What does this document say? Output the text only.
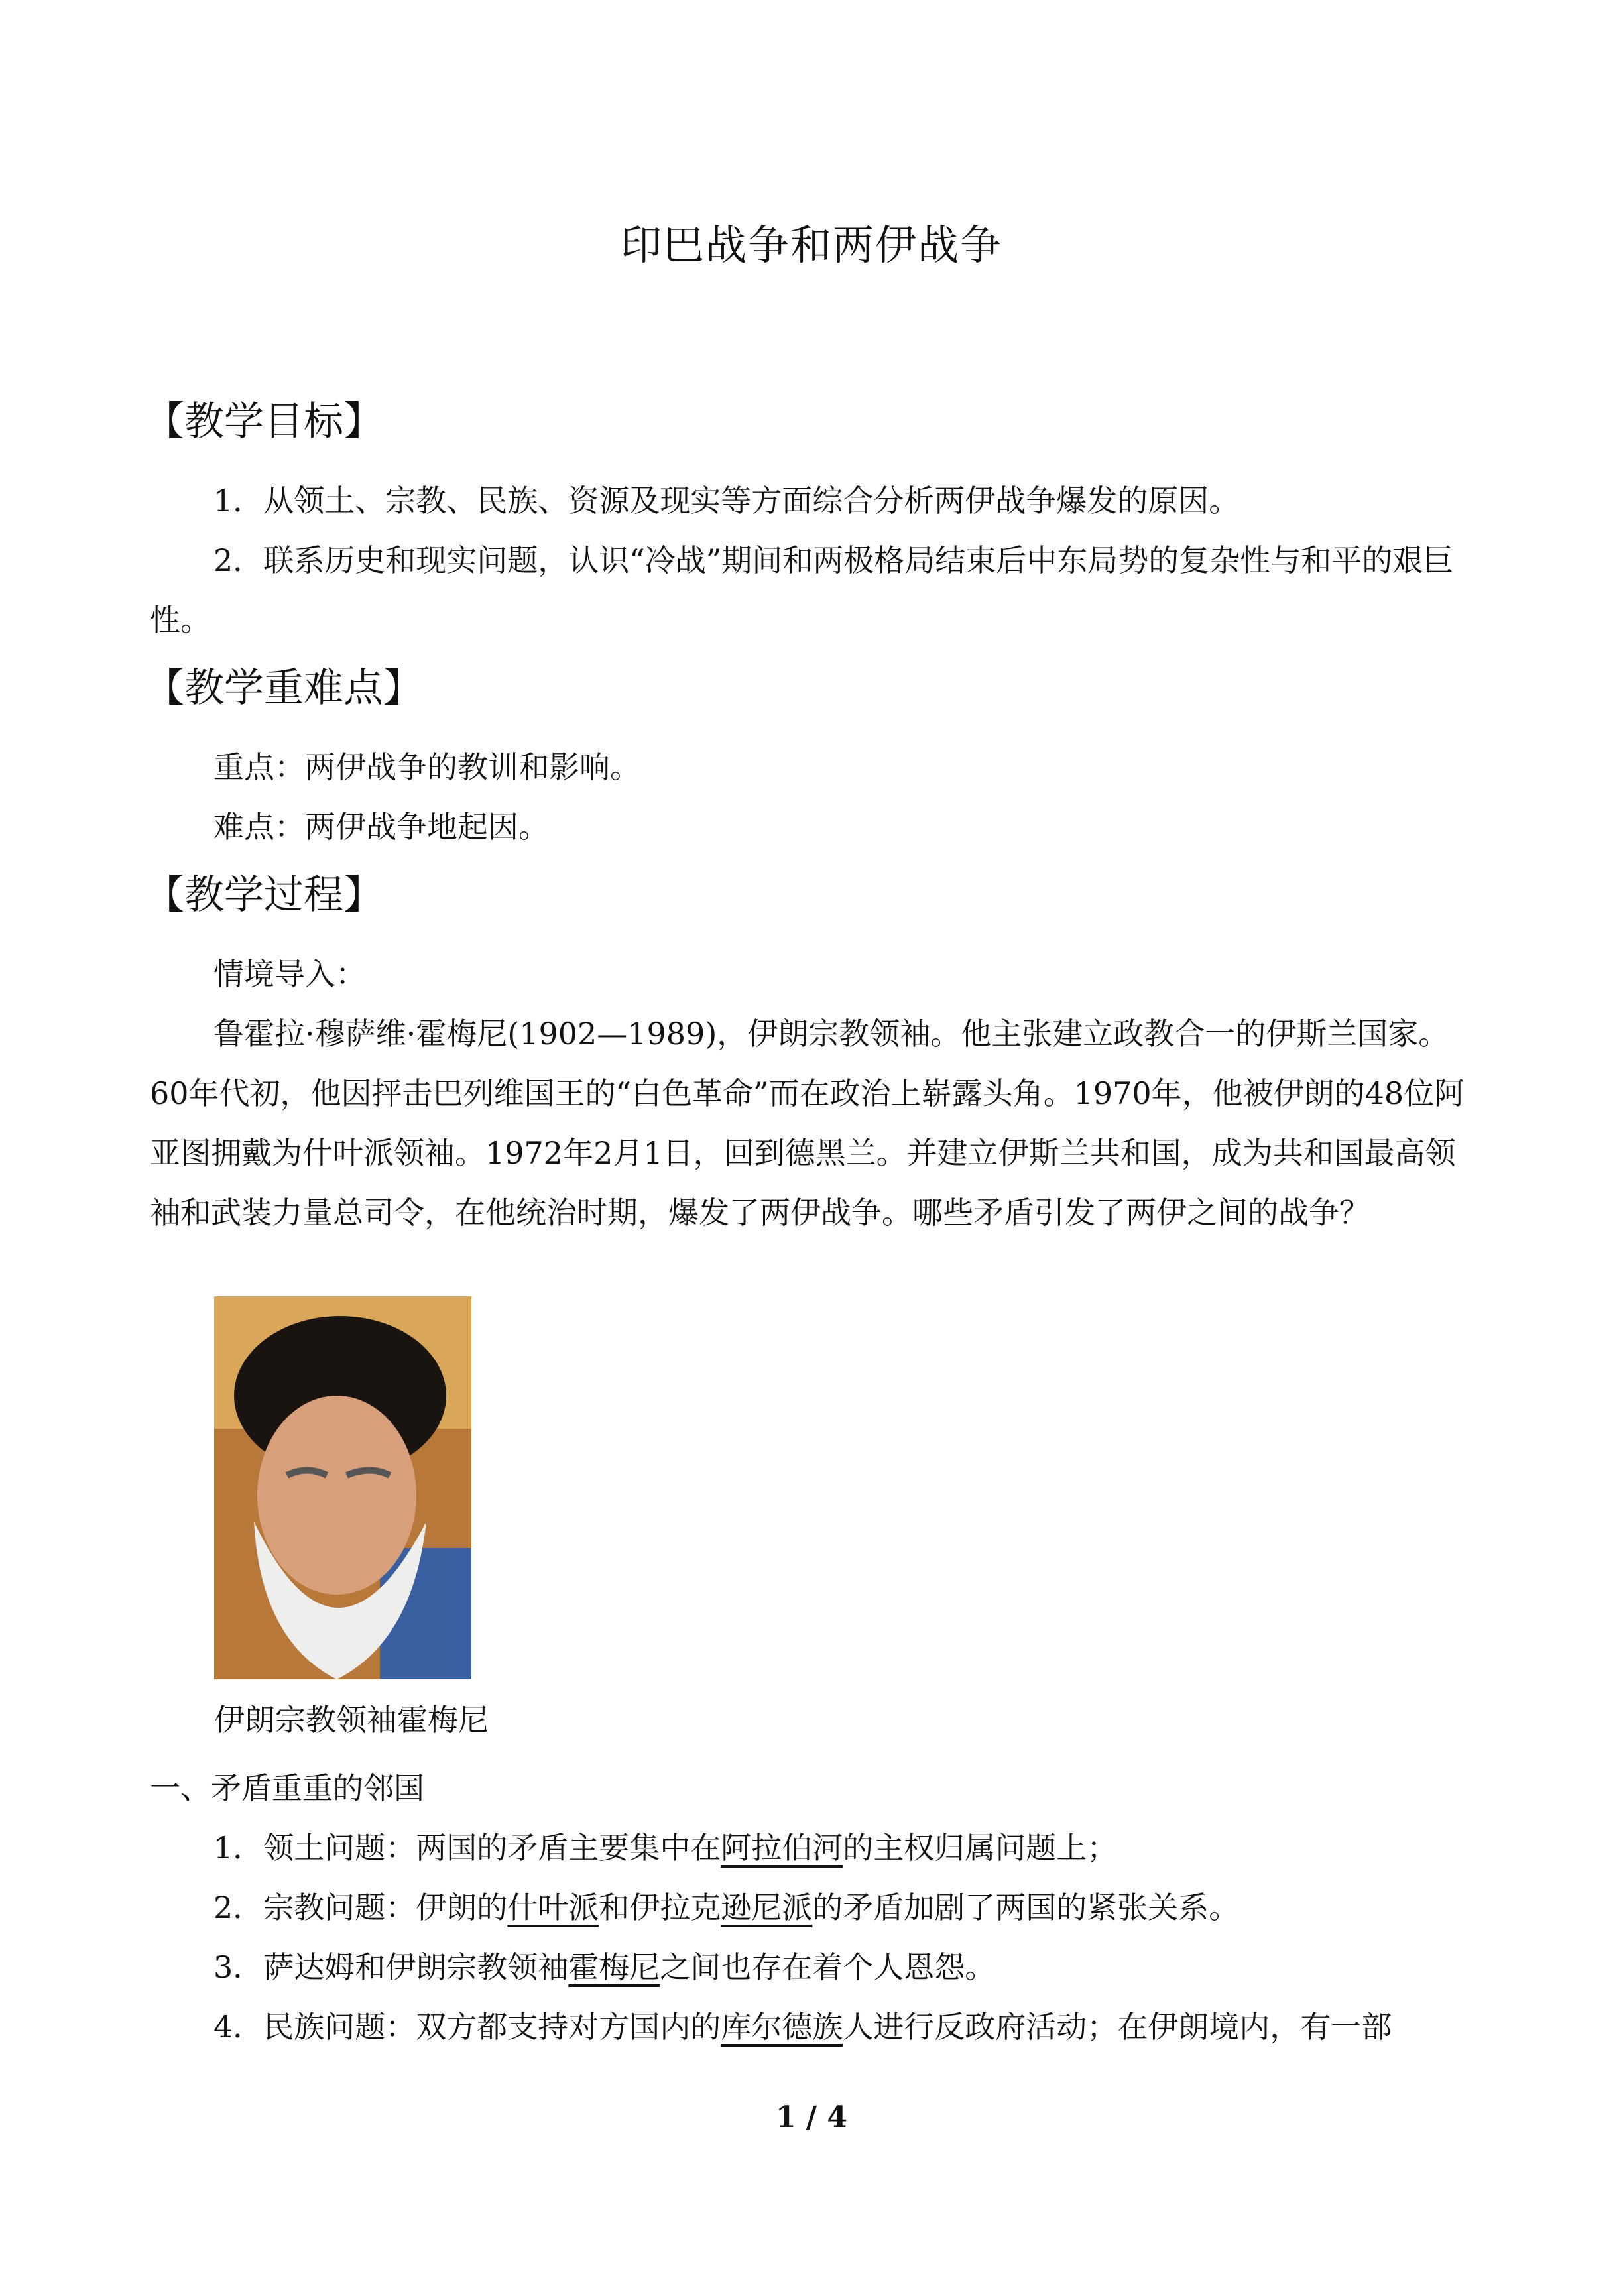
印巴战争和两伊战争
【教学目标】

1．从领土、宗教、民族、资源及现实等方面综合分析两伊战争爆发的原因。

2．联系历史和现实问题，认识“冷战”期间和两极格局结束后中东局势的复杂性与和平的艰巨性。

【教学重难点】

重点：两伊战争的教训和影响。

难点：两伊战争地起因。

【教学过程】

情境导入：

鲁霍拉·穆萨维·霍梅尼(1902—1989)，伊朗宗教领袖。他主张建立政教合一的伊斯兰国家。60年代初，他因抨击巴列维国王的“白色革命”而在政治上崭露头角。1970年，他被伊朗的48位阿亚图拥戴为什叶派领袖。1972年2月1日，回到德黑兰。并建立伊斯兰共和国，成为共和国最高领袖和武装力量总司令，在他统治时期，爆发了两伊战争。哪些矛盾引发了两伊之间的战争？

伊朗宗教领袖霍梅尼

一、矛盾重重的邻国

1．领土问题：两国的矛盾主要集中在阿拉伯河的主权归属问题上；

2．宗教问题：伊朗的什叶派和伊拉克逊尼派的矛盾加剧了两国的紧张关系。

3．萨达姆和伊朗宗教领袖霍梅尼之间也存在着个人恩怨。

4．民族问题：双方都支持对方国内的库尔德族人进行反政府活动；在伊朗境内，有一部

1 / 4
